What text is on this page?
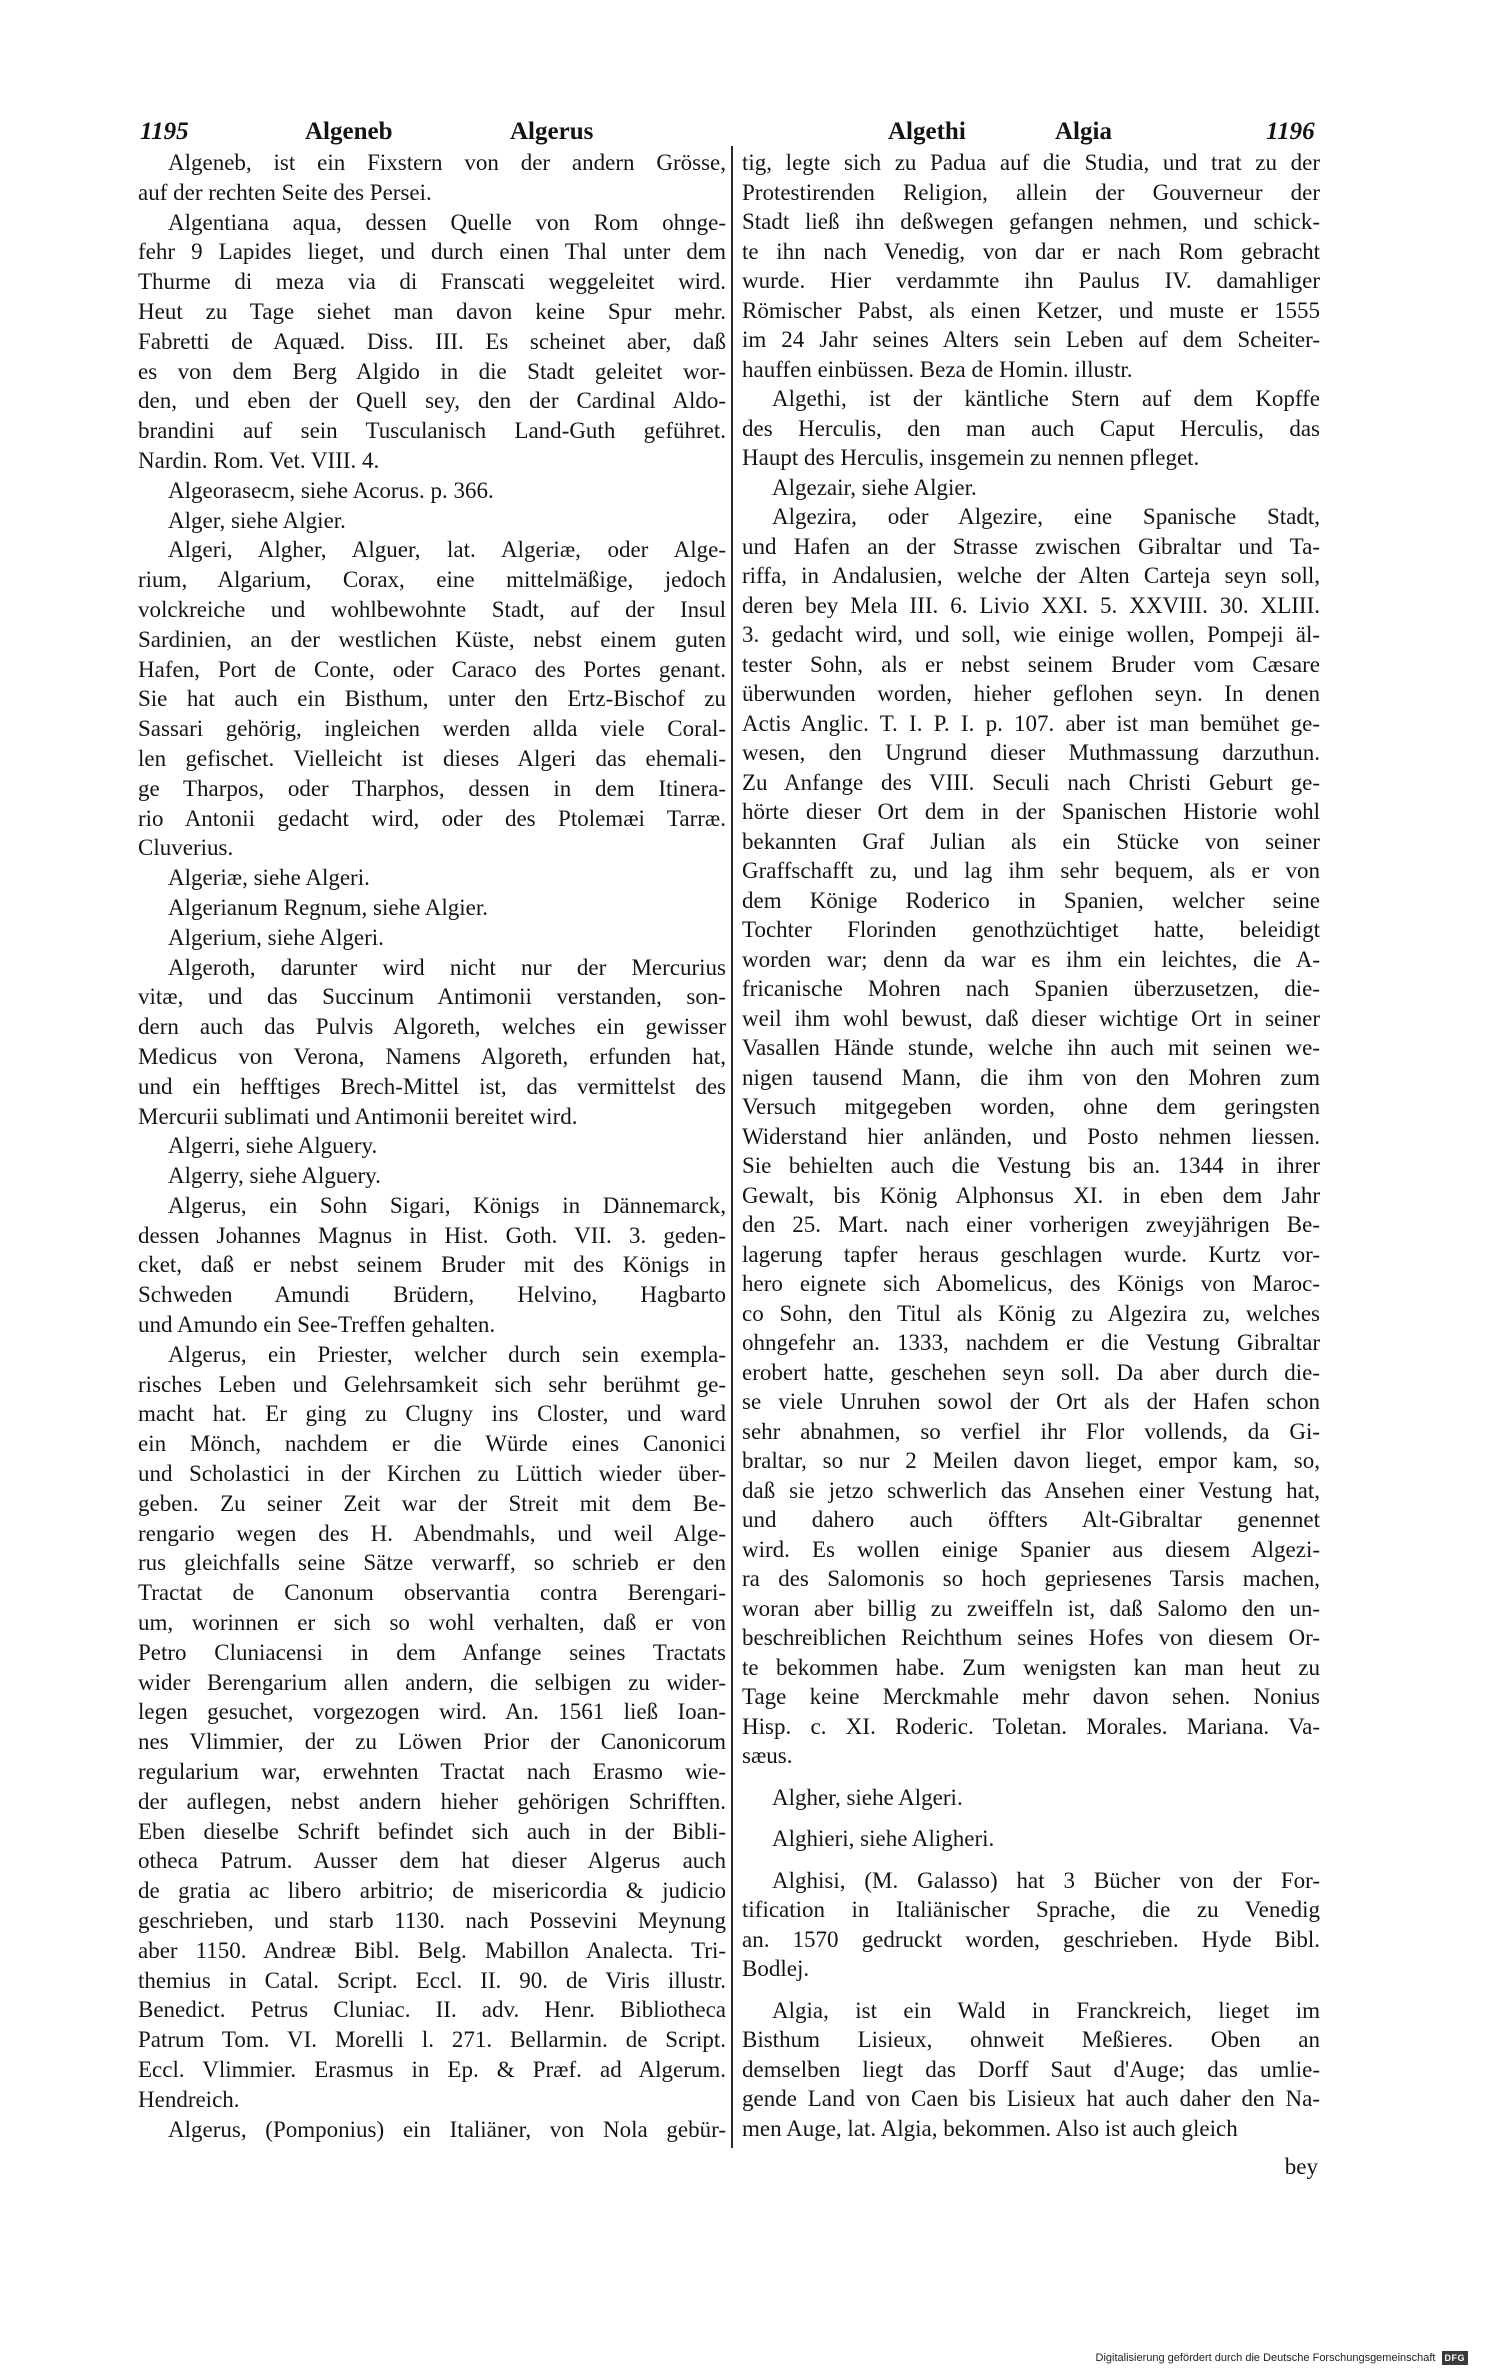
1195	Algeneb	Algerus	Algethi	Algia	1196
Algeneb, ist ein Fixstern von der andern Grösse,
auf der rechten Seite des Persei.
Algentiana aqua, dessen Quelle von Rom ohnge-
fehr 9 Lapides lieget, und durch einen Thal unter dem
Thurme di meza via di Franscati weggeleitet wird.
Heut zu Tage siehet man davon keine Spur mehr.
Fabretti de Aquæd. Diss. III. Es scheinet aber, daß
es von dem Berg Algido in die Stadt geleitet wor-
den, und eben der Quell sey, den der Cardinal Aldo-
brandini auf sein Tusculanisch Land-Guth geführet.
Nardin. Rom. Vet. VIII. 4.
Algeorasecm, siehe Acorus. p. 366.
Alger, siehe Algier.
Algeri, Algher, Alguer, lat. Algeriæ, oder Alge-
rium, Algarium, Corax, eine mittelmäßige, jedoch
volckreiche und wohlbewohnte Stadt, auf der Insul
Sardinien, an der westlichen Küste, nebst einem guten
Hafen, Port de Conte, oder Caraco des Portes genant.
Sie hat auch ein Bisthum, unter den Ertz-Bischof zu
Sassari gehörig, ingleichen werden allda viele Coral-
len gefischet. Vielleicht ist dieses Algeri das ehemali-
ge Tharpos, oder Tharphos, dessen in dem Itinera-
rio Antonii gedacht wird, oder des Ptolemæi Tarræ.
Cluverius.
Algeriæ, siehe Algeri.
Algerianum Regnum, siehe Algier.
Algerium, siehe Algeri.
Algeroth, darunter wird nicht nur der Mercurius
vitæ, und das Succinum Antimonii verstanden, son-
dern auch das Pulvis Algoreth, welches ein gewisser
Medicus von Verona, Namens Algoreth, erfunden hat,
und ein hefftiges Brech-Mittel ist, das vermittelst des
Mercurii sublimati und Antimonii bereitet wird.
Algerri, siehe Alguery.
Algerry, siehe Alguery.
Algerus, ein Sohn Sigari, Königs in Dännemarck,
dessen Johannes Magnus in Hist. Goth. VII. 3. geden-
cket, daß er nebst seinem Bruder mit des Königs in
Schweden Amundi Brüdern, Helvino, Hagbarto
und Amundo ein See-Treffen gehalten.
Algerus, ein Priester, welcher durch sein exempla-
risches Leben und Gelehrsamkeit sich sehr berühmt ge-
macht hat. Er ging zu Clugny ins Closter, und ward
ein Mönch, nachdem er die Würde eines Canonici
und Scholastici in der Kirchen zu Lüttich wieder über-
geben. Zu seiner Zeit war der Streit mit dem Be-
rengario wegen des H. Abendmahls, und weil Alge-
rus gleichfalls seine Sätze verwarff, so schrieb er den
Tractat de Canonum observantia contra Berengari-
um, worinnen er sich so wohl verhalten, daß er von
Petro Cluniacensi in dem Anfange seines Tractats
wider Berengarium allen andern, die selbigen zu wider-
legen gesuchet, vorgezogen wird. An. 1561 ließ Ioan-
nes Vlimmier, der zu Löwen Prior der Canonicorum
regularium war, erwehnten Tractat nach Erasmo wie-
der auflegen, nebst andern hieher gehörigen Schrifften.
Eben dieselbe Schrift befindet sich auch in der Bibli-
otheca Patrum. Ausser dem hat dieser Algerus auch
de gratia ac libero arbitrio; de misericordia & judicio
geschrieben, und starb 1130. nach Possevini Meynung
aber 1150. Andreæ Bibl. Belg. Mabillon Analecta. Tri-
themius in Catal. Script. Eccl. II. 90. de Viris illustr.
Benedict. Petrus Cluniac. II. adv. Henr. Bibliotheca
Patrum Tom. VI. Morelli l. 271. Bellarmin. de Script.
Eccl. Vlimmier. Erasmus in Ep. & Præf. ad Algerum.
Hendreich.
Algerus, (Pomponius) ein Italiäner, von Nola gebür-
tig, legte sich zu Padua auf die Studia, und trat zu der
Protestirenden Religion, allein der Gouverneur der
Stadt ließ ihn deßwegen gefangen nehmen, und schick-
te ihn nach Venedig, von dar er nach Rom gebracht
wurde. Hier verdammte ihn Paulus IV. damahliger
Römischer Pabst, als einen Ketzer, und muste er 1555
im 24 Jahr seines Alters sein Leben auf dem Scheiter-
hauffen einbüssen. Beza de Homin. illustr.
Algethi, ist der käntliche Stern auf dem Kopffe
des Herculis, den man auch Caput Herculis, das
Haupt des Herculis, insgemein zu nennen pfleget.
Algezair, siehe Algier.
Algezira, oder Algezire, eine Spanische Stadt,
und Hafen an der Strasse zwischen Gibraltar und Ta-
riffa, in Andalusien, welche der Alten Carteja seyn soll,
deren bey Mela III. 6. Livio XXI. 5. XXVIII. 30. XLIII.
3. gedacht wird, und soll, wie einige wollen, Pompeji äl-
tester Sohn, als er nebst seinem Bruder vom Cæsare
überwunden worden, hieher geflohen seyn. In denen
Actis Anglic. T. I. P. I. p. 107. aber ist man bemühet ge-
wesen, den Ungrund dieser Muthmassung darzuthun.
Zu Anfange des VIII. Seculi nach Christi Geburt ge-
hörte dieser Ort dem in der Spanischen Historie wohl
bekannten Graf Julian als ein Stücke von seiner
Graffschafft zu, und lag ihm sehr bequem, als er von
dem Könige Roderico in Spanien, welcher seine
Tochter Florinden genothzüchtiget hatte, beleidigt
worden war; denn da war es ihm ein leichtes, die A-
fricanische Mohren nach Spanien überzusetzen, die-
weil ihm wohl bewust, daß dieser wichtige Ort in seiner
Vasallen Hände stunde, welche ihn auch mit seinen we-
nigen tausend Mann, die ihm von den Mohren zum
Versuch mitgegeben worden, ohne dem geringsten
Widerstand hier anländen, und Posto nehmen liessen.
Sie behielten auch die Vestung bis an. 1344 in ihrer
Gewalt, bis König Alphonsus XI. in eben dem Jahr
den 25. Mart. nach einer vorherigen zweyjährigen Be-
lagerung tapfer heraus geschlagen wurde. Kurtz vor-
hero eignete sich Abomelicus, des Königs von Maroc-
co Sohn, den Titul als König zu Algezira zu, welches
ohngefehr an. 1333, nachdem er die Vestung Gibraltar
erobert hatte, geschehen seyn soll. Da aber durch die-
se viele Unruhen sowol der Ort als der Hafen schon
sehr abnahmen, so verfiel ihr Flor vollends, da Gi-
braltar, so nur 2 Meilen davon lieget, empor kam, so,
daß sie jetzo schwerlich das Ansehen einer Vestung hat,
und dahero auch öffters Alt-Gibraltar genennet
wird. Es wollen einige Spanier aus diesem Algezi-
ra des Salomonis so hoch gepriesenes Tarsis machen,
woran aber billig zu zweiffeln ist, daß Salomo den un-
beschreiblichen Reichthum seines Hofes von diesem Or-
te bekommen habe. Zum wenigsten kan man heut zu
Tage keine Merckmahle mehr davon sehen. Nonius
Hisp. c. XI. Roderic. Toletan. Morales. Mariana. Va-
sæus.
Algher, siehe Algeri.
Alghieri, siehe Aligheri.
Alghisi, (M. Galasso) hat 3 Bücher von der For-
tification in Italiänischer Sprache, die zu Venedig
an. 1570 gedruckt worden, geschrieben. Hyde Bibl.
Bodlej.
Algia, ist ein Wald in Franckreich, lieget im
Bisthum Lisieux, ohnweit Meßieres. Oben an
demselben liegt das Dorff Saut d'Auge; das umlie-
gende Land von Caen bis Lisieux hat auch daher den Na-
men Auge, lat. Algia, bekommen. Also ist auch gleich
bey
Digitalisierung gefördert durch die Deutsche Forschungsgemeinschaft	DFG
